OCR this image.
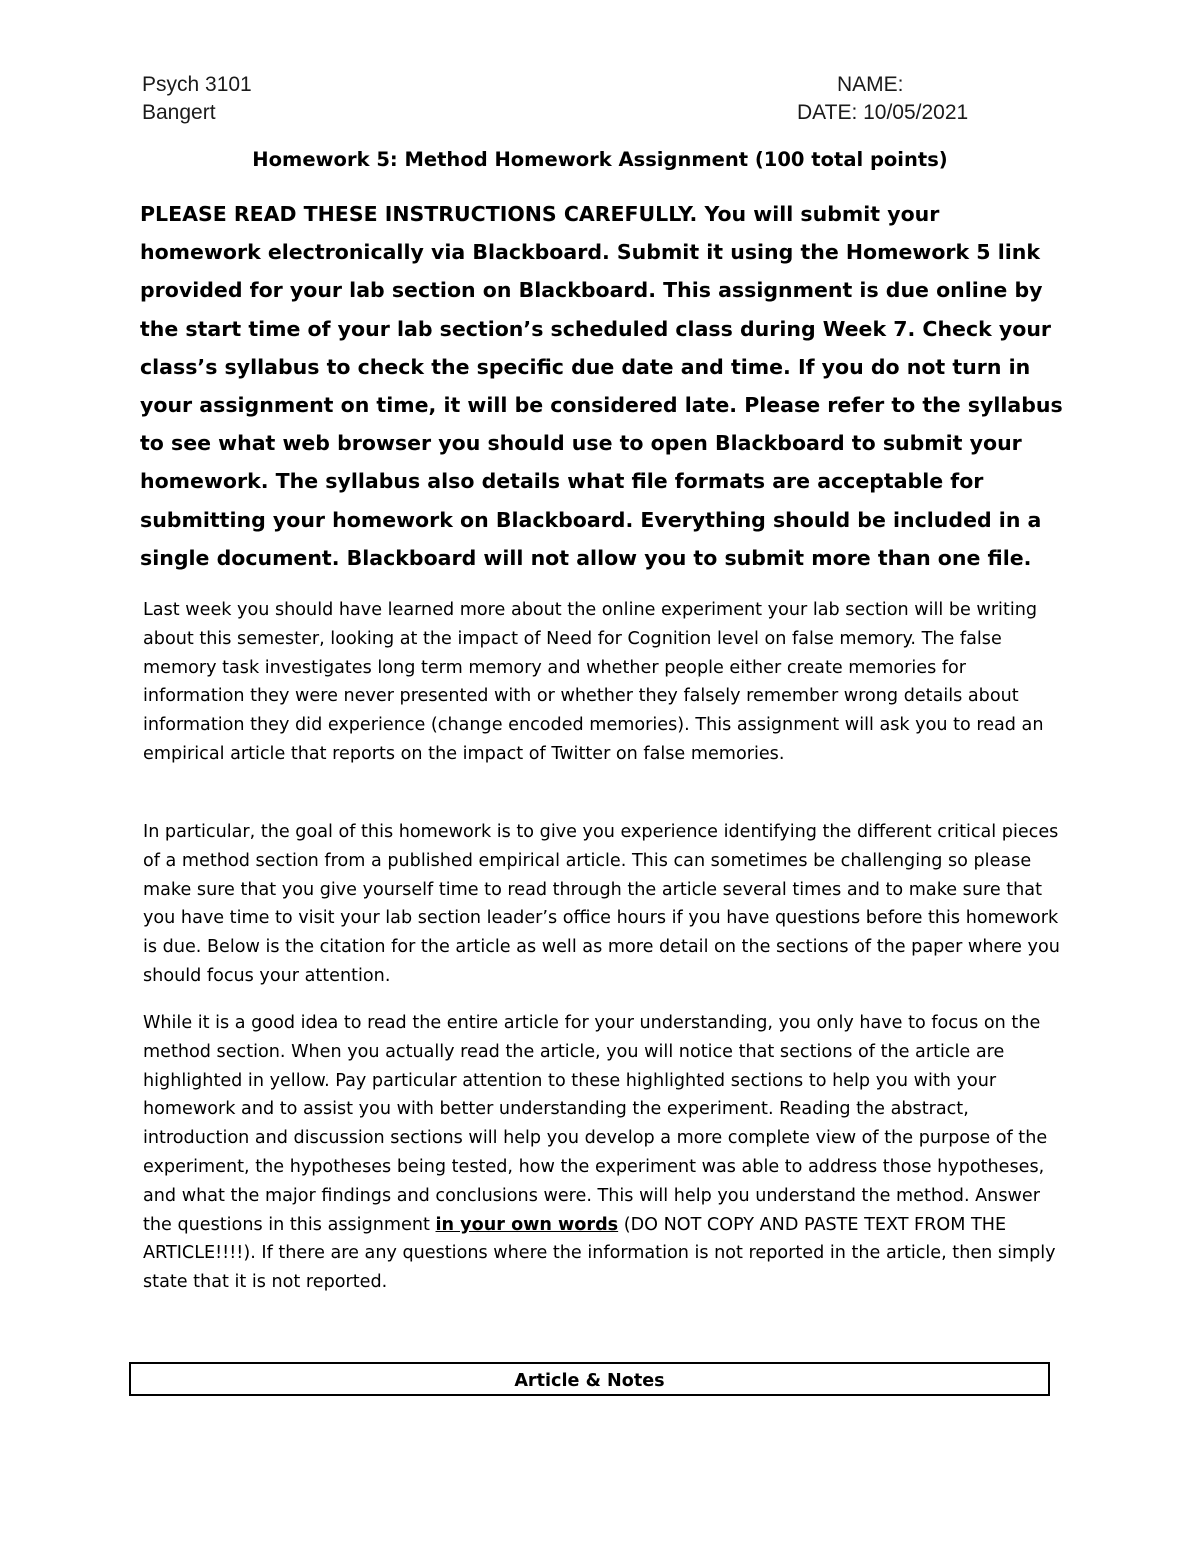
Psych 3101
Bangert
NAME:
DATE: 10/05/2021
Homework 5: Method Homework Assignment (100 total points)

PLEASE READ THESE INSTRUCTIONS CAREFULLY. You will submit your homework electronically via Blackboard. Submit it using the Homework 5 link provided for your lab section on Blackboard. This assignment is due online by the start time of your lab section’s scheduled class during Week 7. Check your class’s syllabus to check the specific due date and time. If you do not turn in your assignment on time, it will be considered late. Please refer to the syllabus to see what web browser you should use to open Blackboard to submit your homework. The syllabus also details what file formats are acceptable for submitting your homework on Blackboard. Everything should be included in a single document. Blackboard will not allow you to submit more than one file.

Last week you should have learned more about the online experiment your lab section will be writing about this semester, looking at the impact of Need for Cognition level on false memory. The false memory task investigates long term memory and whether people either create memories for information they were never presented with or whether they falsely remember wrong details about information they did experience (change encoded memories). This assignment will ask you to read an empirical article that reports on the impact of Twitter on false memories.

In particular, the goal of this homework is to give you experience identifying the different critical pieces of a method section from a published empirical article. This can sometimes be challenging so please make sure that you give yourself time to read through the article several times and to make sure that you have time to visit your lab section leader’s office hours if you have questions before this homework is due. Below is the citation for the article as well as more detail on the sections of the paper where you should focus your attention.

While it is a good idea to read the entire article for your understanding, you only have to focus on the method section. When you actually read the article, you will notice that sections of the article are highlighted in yellow. Pay particular attention to these highlighted sections to help you with your homework and to assist you with better understanding the experiment. Reading the abstract, introduction and discussion sections will help you develop a more complete view of the purpose of the experiment, the hypotheses being tested, how the experiment was able to address those hypotheses, and what the major findings and conclusions were. This will help you understand the method. Answer the questions in this assignment in your own words (DO NOT COPY AND PASTE TEXT FROM THE ARTICLE!!!!). If there are any questions where the information is not reported in the article, then simply state that it is not reported.

Article & Notes
